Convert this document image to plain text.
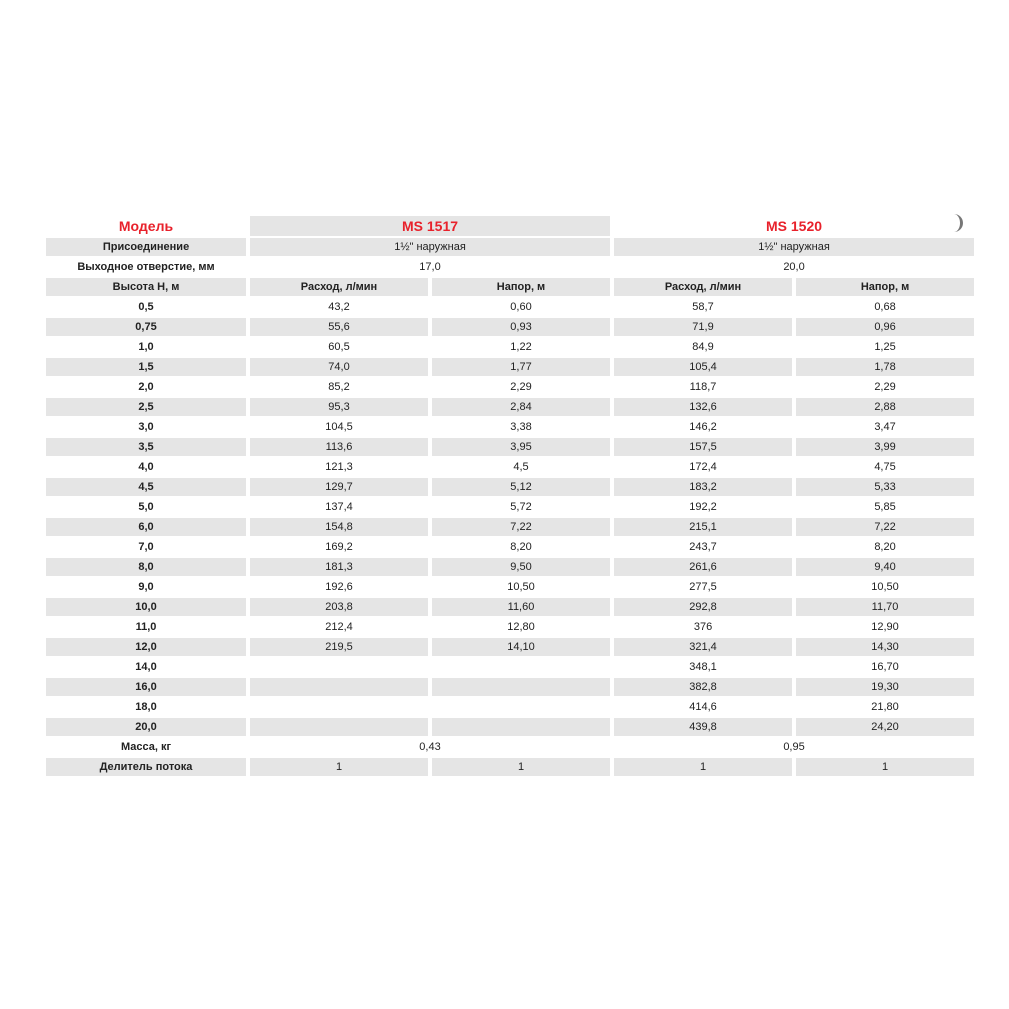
Модель	MS 1517		MS 1520	
Присоединение	1½" наружная		1½" наружная	
Выходное отверстие, мм	17,0		20,0	
Высота H, м	Расход, л/мин	Напор, м	Расход, л/мин	Напор, м
0,5	43,2	0,60	58,7	0,68
0,75	55,6	0,93	71,9	0,96
1,0	60,5	1,22	84,9	1,25
1,5	74,0	1,77	105,4	1,78
2,0	85,2	2,29	118,7	2,29
2,5	95,3	2,84	132,6	2,88
3,0	104,5	3,38	146,2	3,47
3,5	113,6	3,95	157,5	3,99
4,0	121,3	4,5	172,4	4,75
4,5	129,7	5,12	183,2	5,33
5,0	137,4	5,72	192,2	5,85
6,0	154,8	7,22	215,1	7,22
7,0	169,2	8,20	243,7	8,20
8,0	181,3	9,50	261,6	9,40
9,0	192,6	10,50	277,5	10,50
10,0	203,8	11,60	292,8	11,70
11,0	212,4	12,80	376	12,90
12,0	219,5	14,10	321,4	14,30
14,0			348,1	16,70
16,0			382,8	19,30
18,0			414,6	21,80
20,0			439,8	24,20
Масса, кг	0,43		0,95	
Делитель потока	1	1	1	1
